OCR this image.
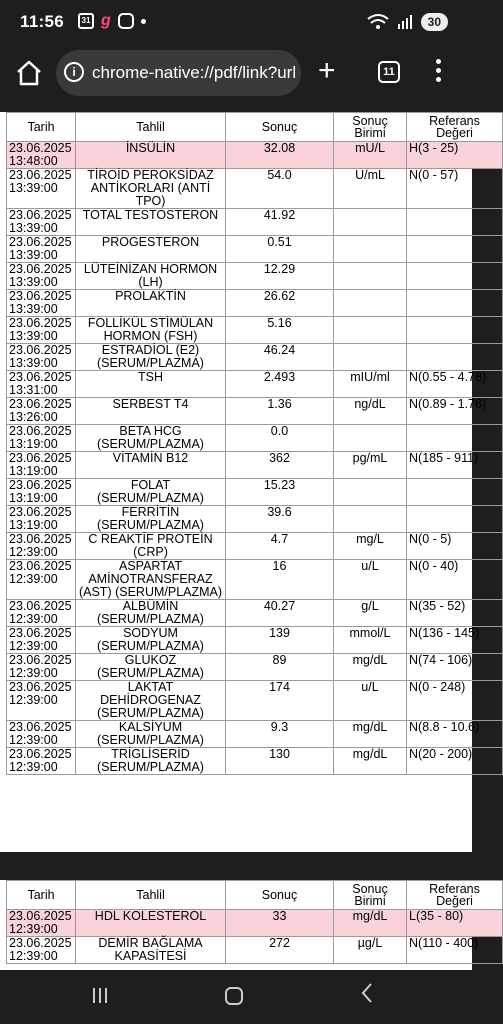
11:56	31 g	30
i chrome-native://pdf/link?url +	11
Tarih	Tahlil	Sonuç	Sonuç
Birimi	Referans
Değeri
23.06.2025
13:48:00	İNSÜLİN	32.08	mU/L	H(3 - 25)
23.06.2025
13:39:00	TİROİD PEROKSİDAZ ANTİKORLARI (ANTİ TPO)	54.0	U/mL	N(0 - 57)
23.06.2025
13:39:00	TOTAL TESTOSTERON	41.92		
23.06.2025
13:39:00	PROGESTERON	0.51		
23.06.2025
13:39:00	LÜTEİNİZAN HORMON (LH)	12.29		
23.06.2025
13:39:00	PROLAKTİN	26.62		
23.06.2025
13:39:00	FOLLİKÜL STİMÜLAN HORMON (FSH)	5.16		
23.06.2025
13:39:00	ESTRADİOL (E2) (SERUM/PLAZMA)	46.24		
23.06.2025
13:31:00	TSH	2.493	mIU/ml	N(0.55 - 4.78)
23.06.2025
13:26:00	SERBEST T4	1.36	ng/dL	N(0.89 - 1.76)
23.06.2025
13:19:00	BETA HCG (SERUM/PLAZMA)	0.0		
23.06.2025
13:19:00	VİTAMİN B12	362	pg/mL	N(185 - 911)
23.06.2025
13:19:00	FOLAT (SERUM/PLAZMA)	15.23		
23.06.2025
13:19:00	FERRİTİN (SERUM/PLAZMA)	39.6		
23.06.2025
12:39:00	C REAKTİF PROTEİN (CRP)	4.7	mg/L	N(0 - 5)
23.06.2025
12:39:00	ASPARTAT AMİNOTRANSFERAZ (AST) (SERUM/PLAZMA)	16	u/L	N(0 - 40)
23.06.2025
12:39:00	ALBÜMİN (SERUM/PLAZMA)	40.27	g/L	N(35 - 52)
23.06.2025
12:39:00	SODYUM (SERUM/PLAZMA)	139	mmol/L	N(136 - 145)
23.06.2025
12:39:00	GLUKOZ (SERUM/PLAZMA)	89	mg/dL	N(74 - 106)
23.06.2025
12:39:00	LAKTAT DEHİDROGENAZ (SERUM/PLAZMA)	174	u/L	N(0 - 248)
23.06.2025
12:39:00	KALSİYUM (SERUM/PLAZMA)	9.3	mg/dL	N(8.8 - 10.6)
23.06.2025
12:39:00	TRİGLİSERİD (SERUM/PLAZMA)	130	mg/dL	N(20 - 200)
Tarih	Tahlil	Sonuç	Sonuç
Birimi	Referans
Değeri
23.06.2025
12:39:00	HDL KOLESTEROL	33	mg/dL	L(35 - 80)
23.06.2025
12:39:00	DEMİR BAĞLAMA KAPASİTESİ	272	µg/L	N(110 - 400)
